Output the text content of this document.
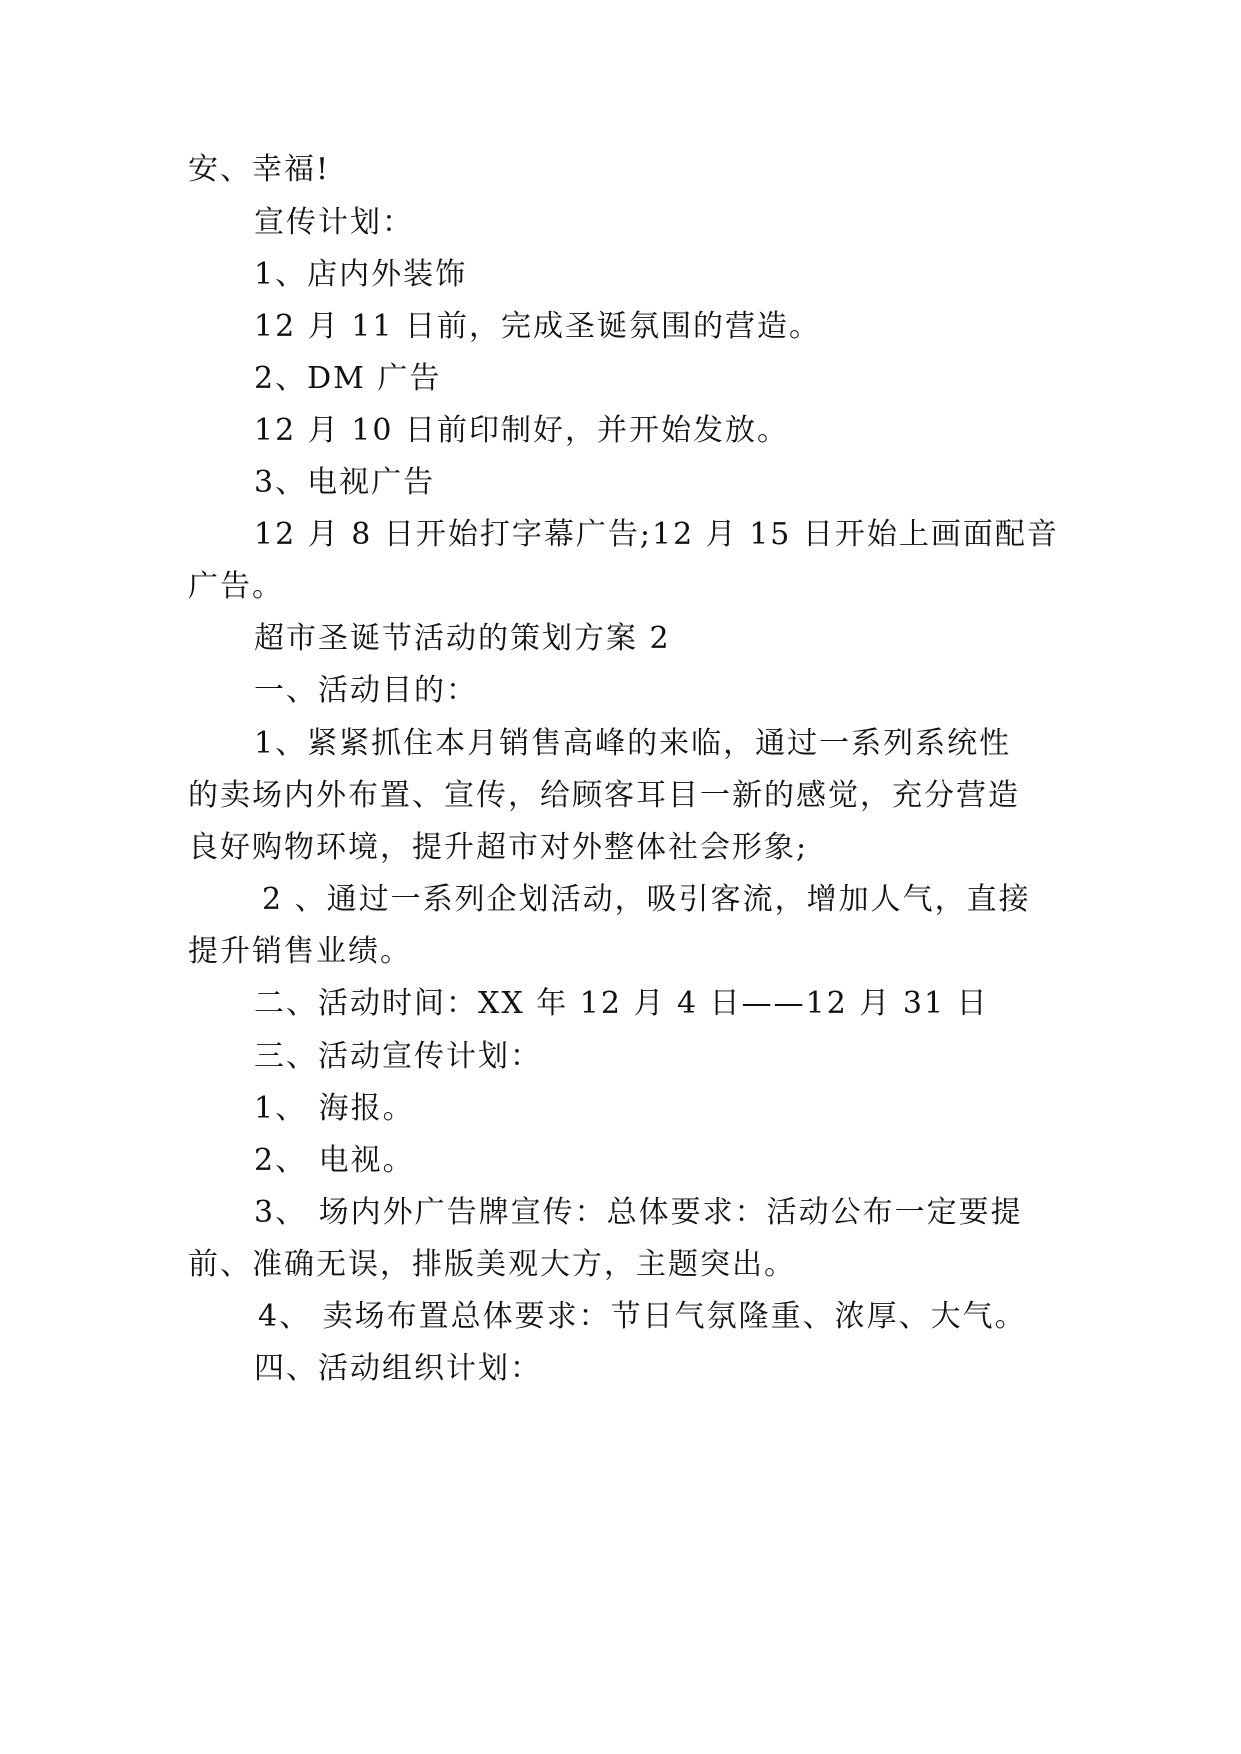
安、幸福!
宣传计划：
1、店内外装饰
12 月 11 日前，完成圣诞氛围的营造。
2、DM 广告
12 月 10 日前印制好，并开始发放。
3、电视广告
12 月 8 日开始打字幕广告;12 月 15 日开始上画面配音
广告。
超市圣诞节活动的策划方案 2
一、活动目的：
1、紧紧抓住本月销售高峰的来临，通过一系列系统性
的卖场内外布置、宣传，给顾客耳目一新的感觉，充分营造
良好购物环境，提升超市对外整体社会形象;
2 、通过一系列企划活动，吸引客流，增加人气，直接
提升销售业绩。
二、活动时间：XX 年 12 月 4 日——12 月 31 日
三、活动宣传计划：
1、 海报。
2、 电视。
3、 场内外广告牌宣传：总体要求：活动公布一定要提
前、准确无误，排版美观大方，主题突出。
4、 卖场布置总体要求：节日气氛隆重、浓厚、大气。
四、活动组织计划：
